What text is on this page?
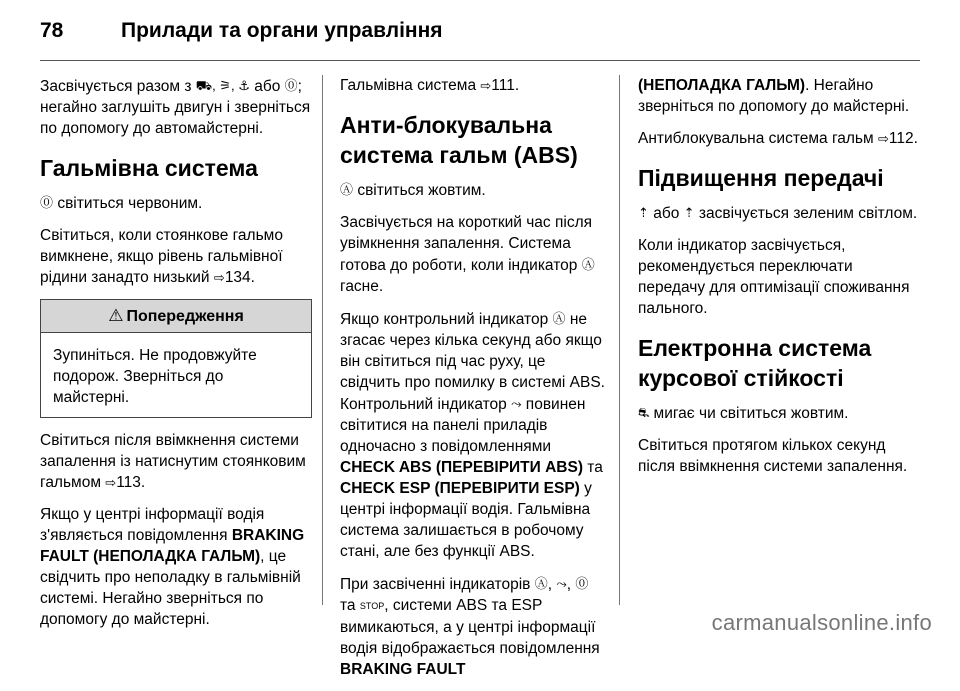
78	Прилади та органи управління

Засвічується разом з ⛟, ⚞, ⚓ або ⓪; негайно заглушіть двигун і зверніться по допомогу до автомайстерні.

Гальмівна система

⓪ світиться червоним.

Світиться, коли стоянкове гальмо вимкнене, якщо рівень гальмівної рідини занадто низький ⇨ 134.

⚠ Попередження
Зупиніться. Не продовжуйте подорож. Зверніться до майстерні.

Світиться після ввімкнення системи запалення із натиснутим стоянковим гальмом ⇨ 113.

Якщо у центрі інформації водія з'являється повідомлення BRAKING FAULT (НЕПОЛАДКА ГАЛЬМ), це свідчить про неполадку в гальмівній системі. Негайно зверніться по допомогу до майстерні.

Гальмівна система ⇨ 111.

Анти-блокувальна система гальм (ABS)

Ⓐ світиться жовтим.

Засвічується на короткий час після увімкнення запалення. Система готова до роботи, коли індикатор Ⓐ гасне.

Якщо контрольний індикатор Ⓐ не згасає через кілька секунд або якщо він світиться під час руху, це свідчить про помилку в системі ABS. Контрольний індикатор ⤳ повинен світитися на панелі приладів одночасно з повідомленнями CHECK ABS (ПЕРЕВІРИТИ ABS) та CHECK ESP (ПЕРЕВІРИТИ ESP) у центрі інформації водія. Гальмівна система залишається в робочому стані, але без функції ABS.

При засвіченні індикаторів Ⓐ, ⤳, ⓪ та STOP, системи ABS та ESP вимикаються, а у центрі інформації водія відображається повідомлення BRAKING FAULT

(НЕПОЛАДКА ГАЛЬМ). Негайно зверніться по допомогу до майстерні.

Антиблокувальна система гальм ⇨ 112.

Підвищення передачі

⇡ або ⇡ засвічується зеленим світлом.

Коли індикатор засвічується, рекомендується переключати передачу для оптимізації споживання пального.

Електронна система курсової стійкості

⛐ мигає чи світиться жовтим.

Світиться протягом кількох секунд після ввімкнення системи запалення.

carmanualsonline.info
